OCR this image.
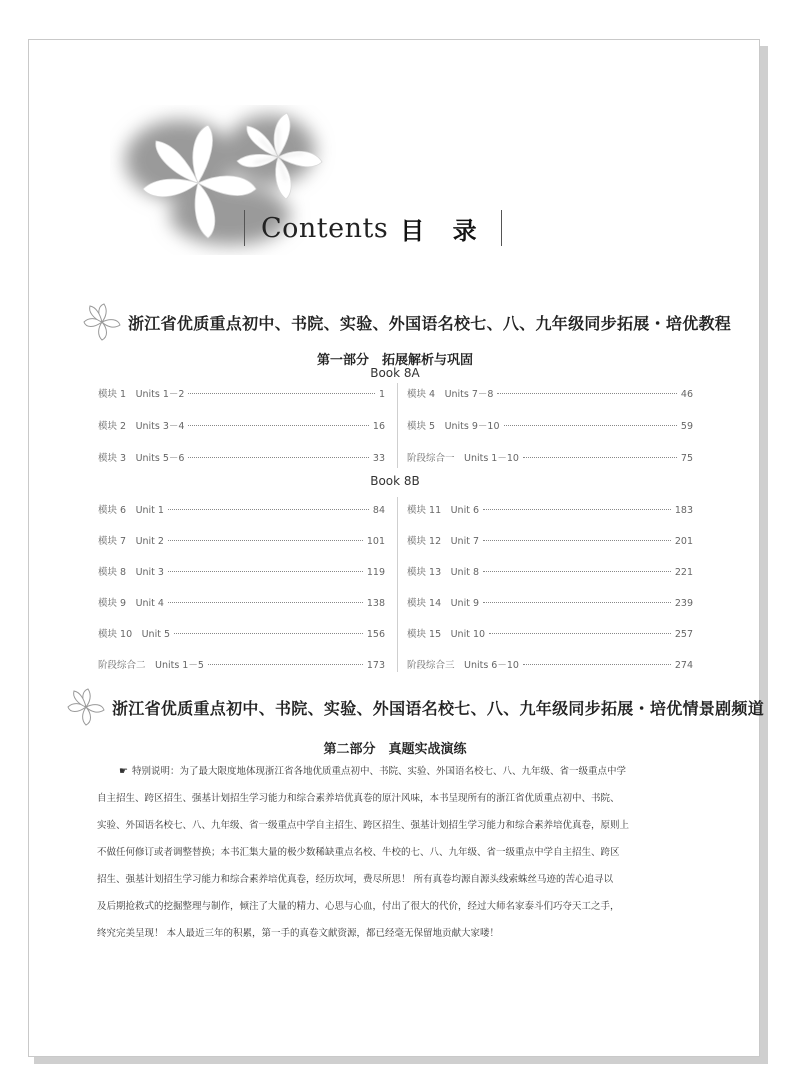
Contents 目 录
浙江省优质重点初中、书院、实验、外国语名校七、八、九年级同步拓展・培优教程
第一部分　拓展解析与巩固
Book 8A
模块 1　Units 1－2	1
模块 2　Units 3－4	16
模块 3　Units 5－6	33
模块 4　Units 7－8	46
模块 5　Units 9－10	59
阶段综合一　Units 1－10	75
Book 8B
模块 6　Unit 1	84
模块 7　Unit 2	101
模块 8　Unit 3	119
模块 9　Unit 4	138
模块 10　Unit 5	156
阶段综合二　Units 1－5	173
模块 11　Unit 6	183
模块 12　Unit 7	201
模块 13　Unit 8	221
模块 14　Unit 9	239
模块 15　Unit 10	257
阶段综合三　Units 6－10	274
浙江省优质重点初中、书院、实验、外国语名校七、八、九年级同步拓展・培优情景剧频道
第二部分　真题实战演练
☛ 特别说明：为了最大限度地体现浙江省各地优质重点初中、书院、实验、外国语名校七、八、九年级、省一级重点中学
自主招生、跨区招生、强基计划招生学习能力和综合素养培优真卷的原汁风味，本书呈现所有的浙江省优质重点初中、书院、
实验、外国语名校七、八、九年级、省一级重点中学自主招生、跨区招生、强基计划招生学习能力和综合素养培优真卷，原则上
不做任何修订或者调整替换；本书汇集大量的极少数稀缺重点名校、牛校的七、八、九年级、省一级重点中学自主招生、跨区
招生、强基计划招生学习能力和综合素养培优真卷，经历坎坷，费尽所思！ 所有真卷均源自源头线索蛛丝马迹的苦心追寻以
及后期抢救式的挖掘整理与制作，倾注了大量的精力、心思与心血，付出了很大的代价，经过大师名家泰斗们巧夺天工之手，
终究完美呈现！ 本人最近三年的积累，第一手的真卷文献资源，都已经毫无保留地贡献大家喽！
